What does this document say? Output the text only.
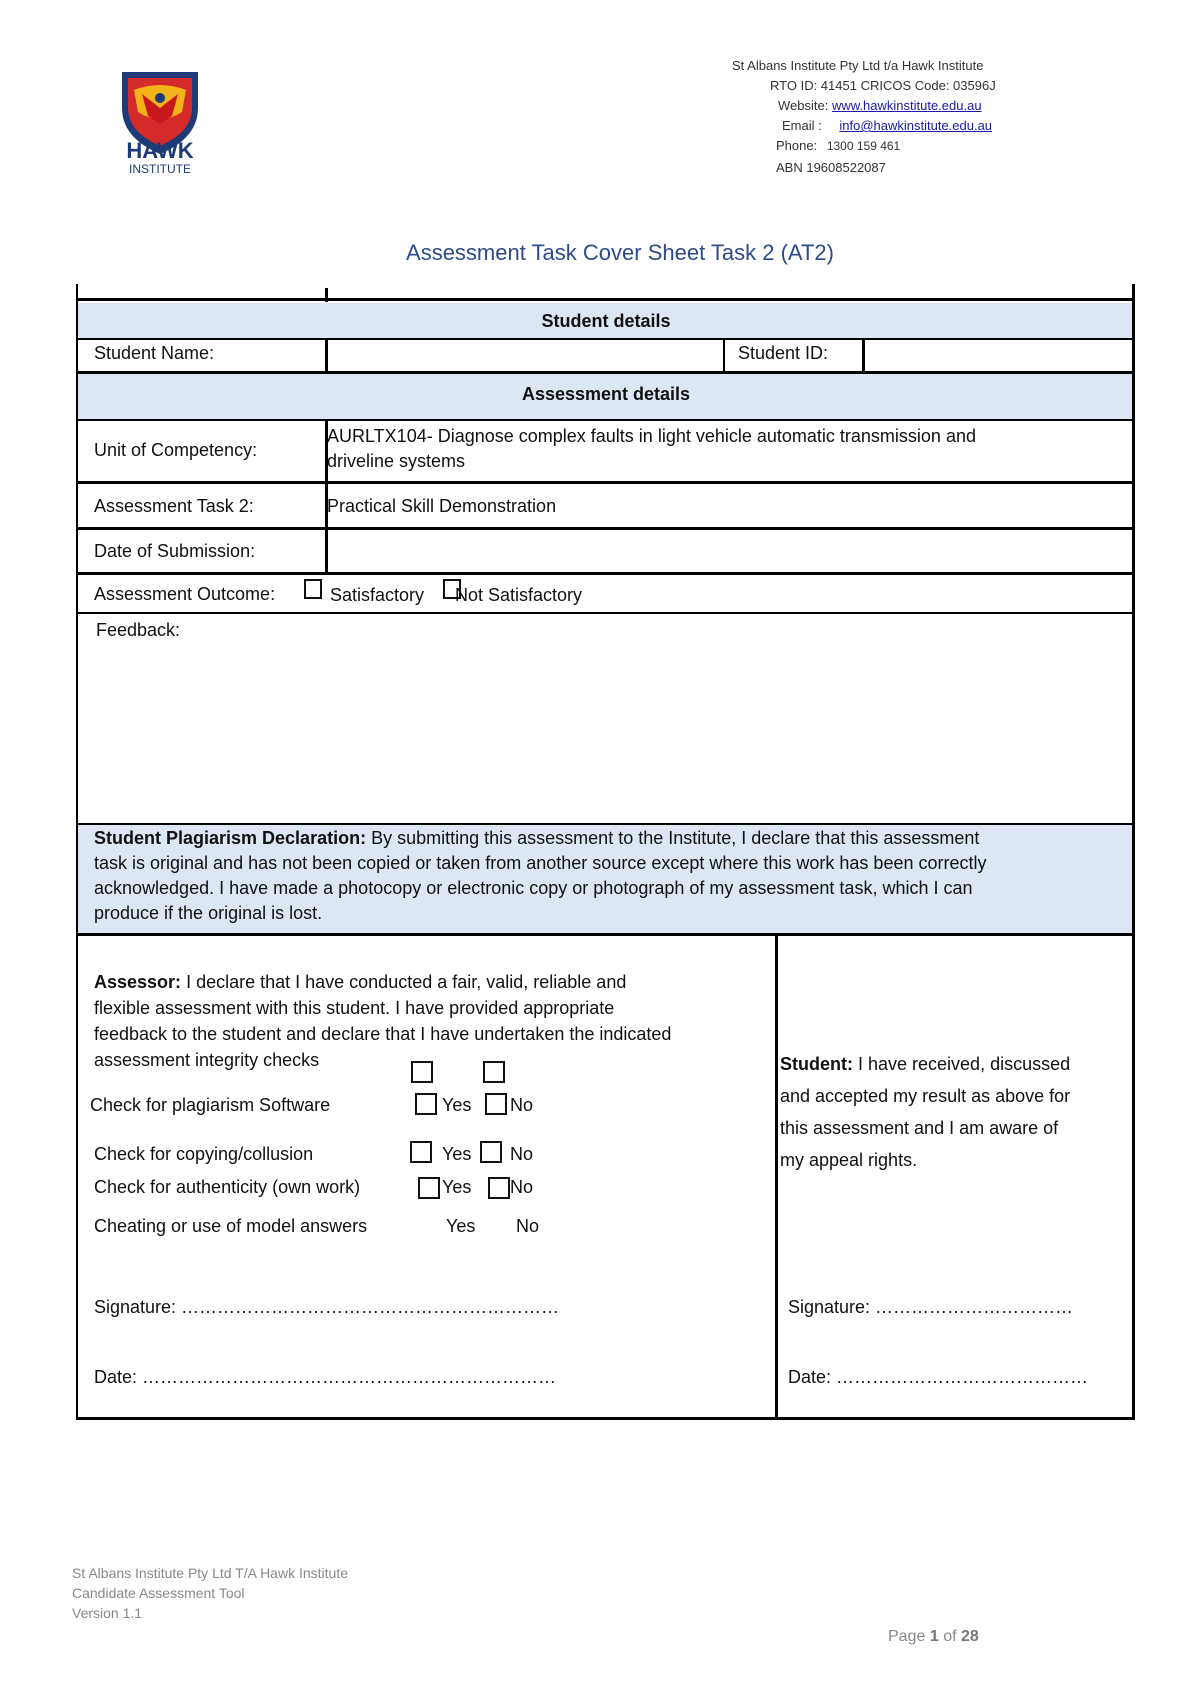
HAWK
INSTITUTE
St Albans Institute Pty Ltd t/a Hawk Institute
RTO ID: 41451 CRICOS Code: 03596J
Website: www.hawkinstitute.edu.au
Email : info@hawkinstitute.edu.au
Phone: 1300 159 461
ABN 19608522087
Assessment Task Cover Sheet Task 2 (AT2)
Student details
Student Name:	Student ID:
Assessment details
Unit of Competency:
AURLTX104- Diagnose complex faults in light vehicle automatic transmission and
driveline systems
Assessment Task 2:	Practical Skill Demonstration
Date of Submission:
Assessment Outcome:	Satisfactory Not Satisfactory
Feedback:
Student Plagiarism Declaration: By submitting this assessment to the Institute, I declare that this assessment
task is original and has not been copied or taken from another source except where this work has been correctly
acknowledged. I have made a photocopy or electronic copy or photograph of my assessment task, which I can
produce if the original is lost.
Assessor: I declare that I have conducted a fair, valid, reliable and
flexible assessment with this student. I have provided appropriate
feedback to the student and declare that I have undertaken the indicated
assessment integrity checks
Check for plagiarism Software	Yes No
Check for copying/collusion	Yes No
Check for authenticity (own work)	Yes No
Cheating or use of model answers	Yes No
Signature: ………………………………………………………
Date: ……………………………………………………………
Student: I have received, discussed
and accepted my result as above for
this assessment and I am aware of
my appeal rights.
Signature: ……………………………
Date: ……………………………………
St Albans Institute Pty Ltd T/A Hawk Institute
Candidate Assessment Tool
Version 1.1
Page 1 of 28
